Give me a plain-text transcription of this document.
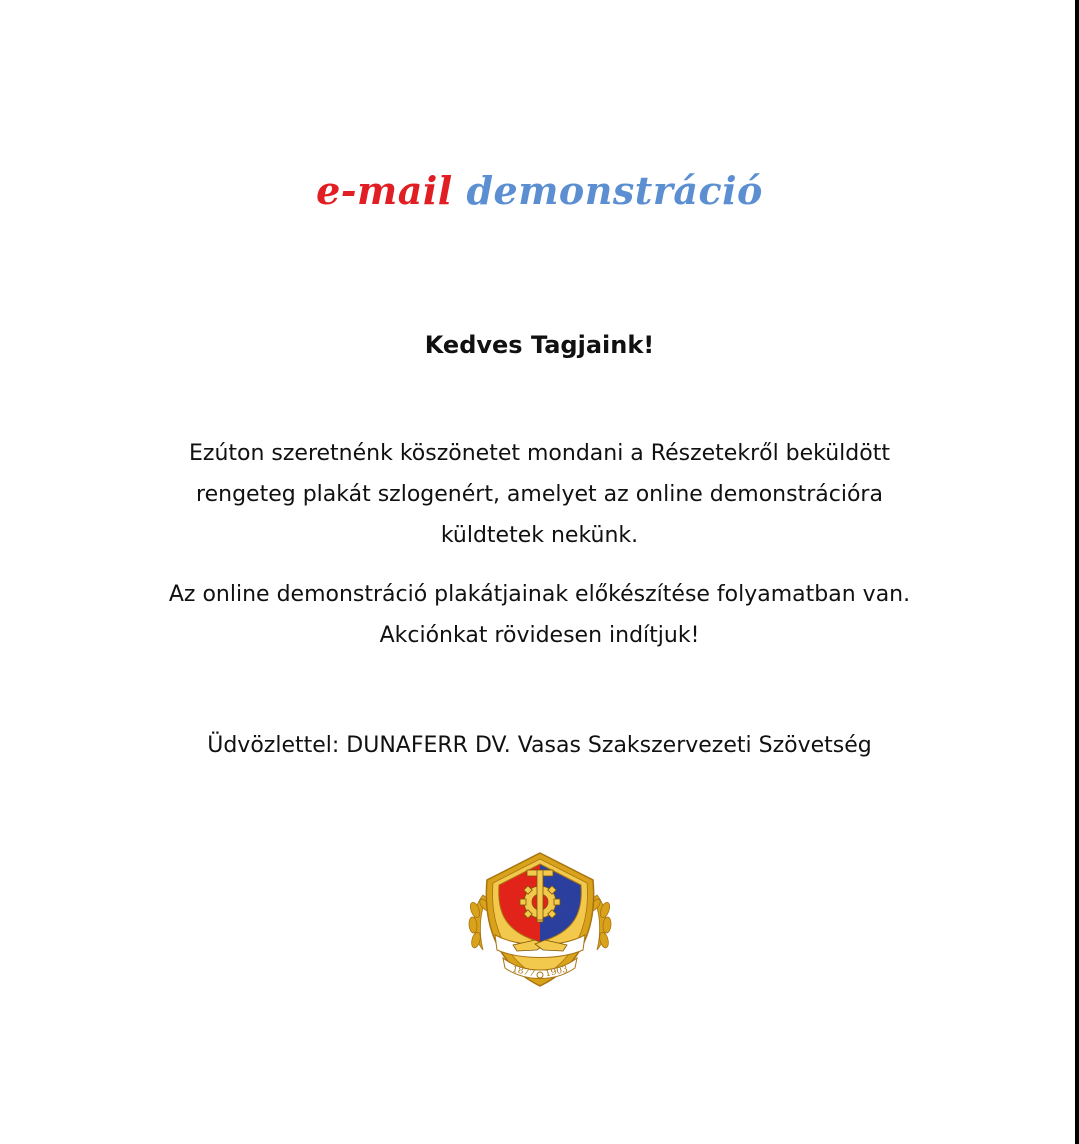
e-mail demonstráció
Kedves Tagjaink!
Ezúton szeretnénk köszönetet mondani a Részetekről beküldött
rengeteg plakát szlogenért, amelyet az online demonstrációra
küldtetek nekünk.
Az online demonstráció plakátjainak előkészítése folyamatban van.
Akciónkat rövidesen indítjuk!
Üdvözlettel: DUNAFERR DV. Vasas Szakszervezeti Szövetség
1877 1903
